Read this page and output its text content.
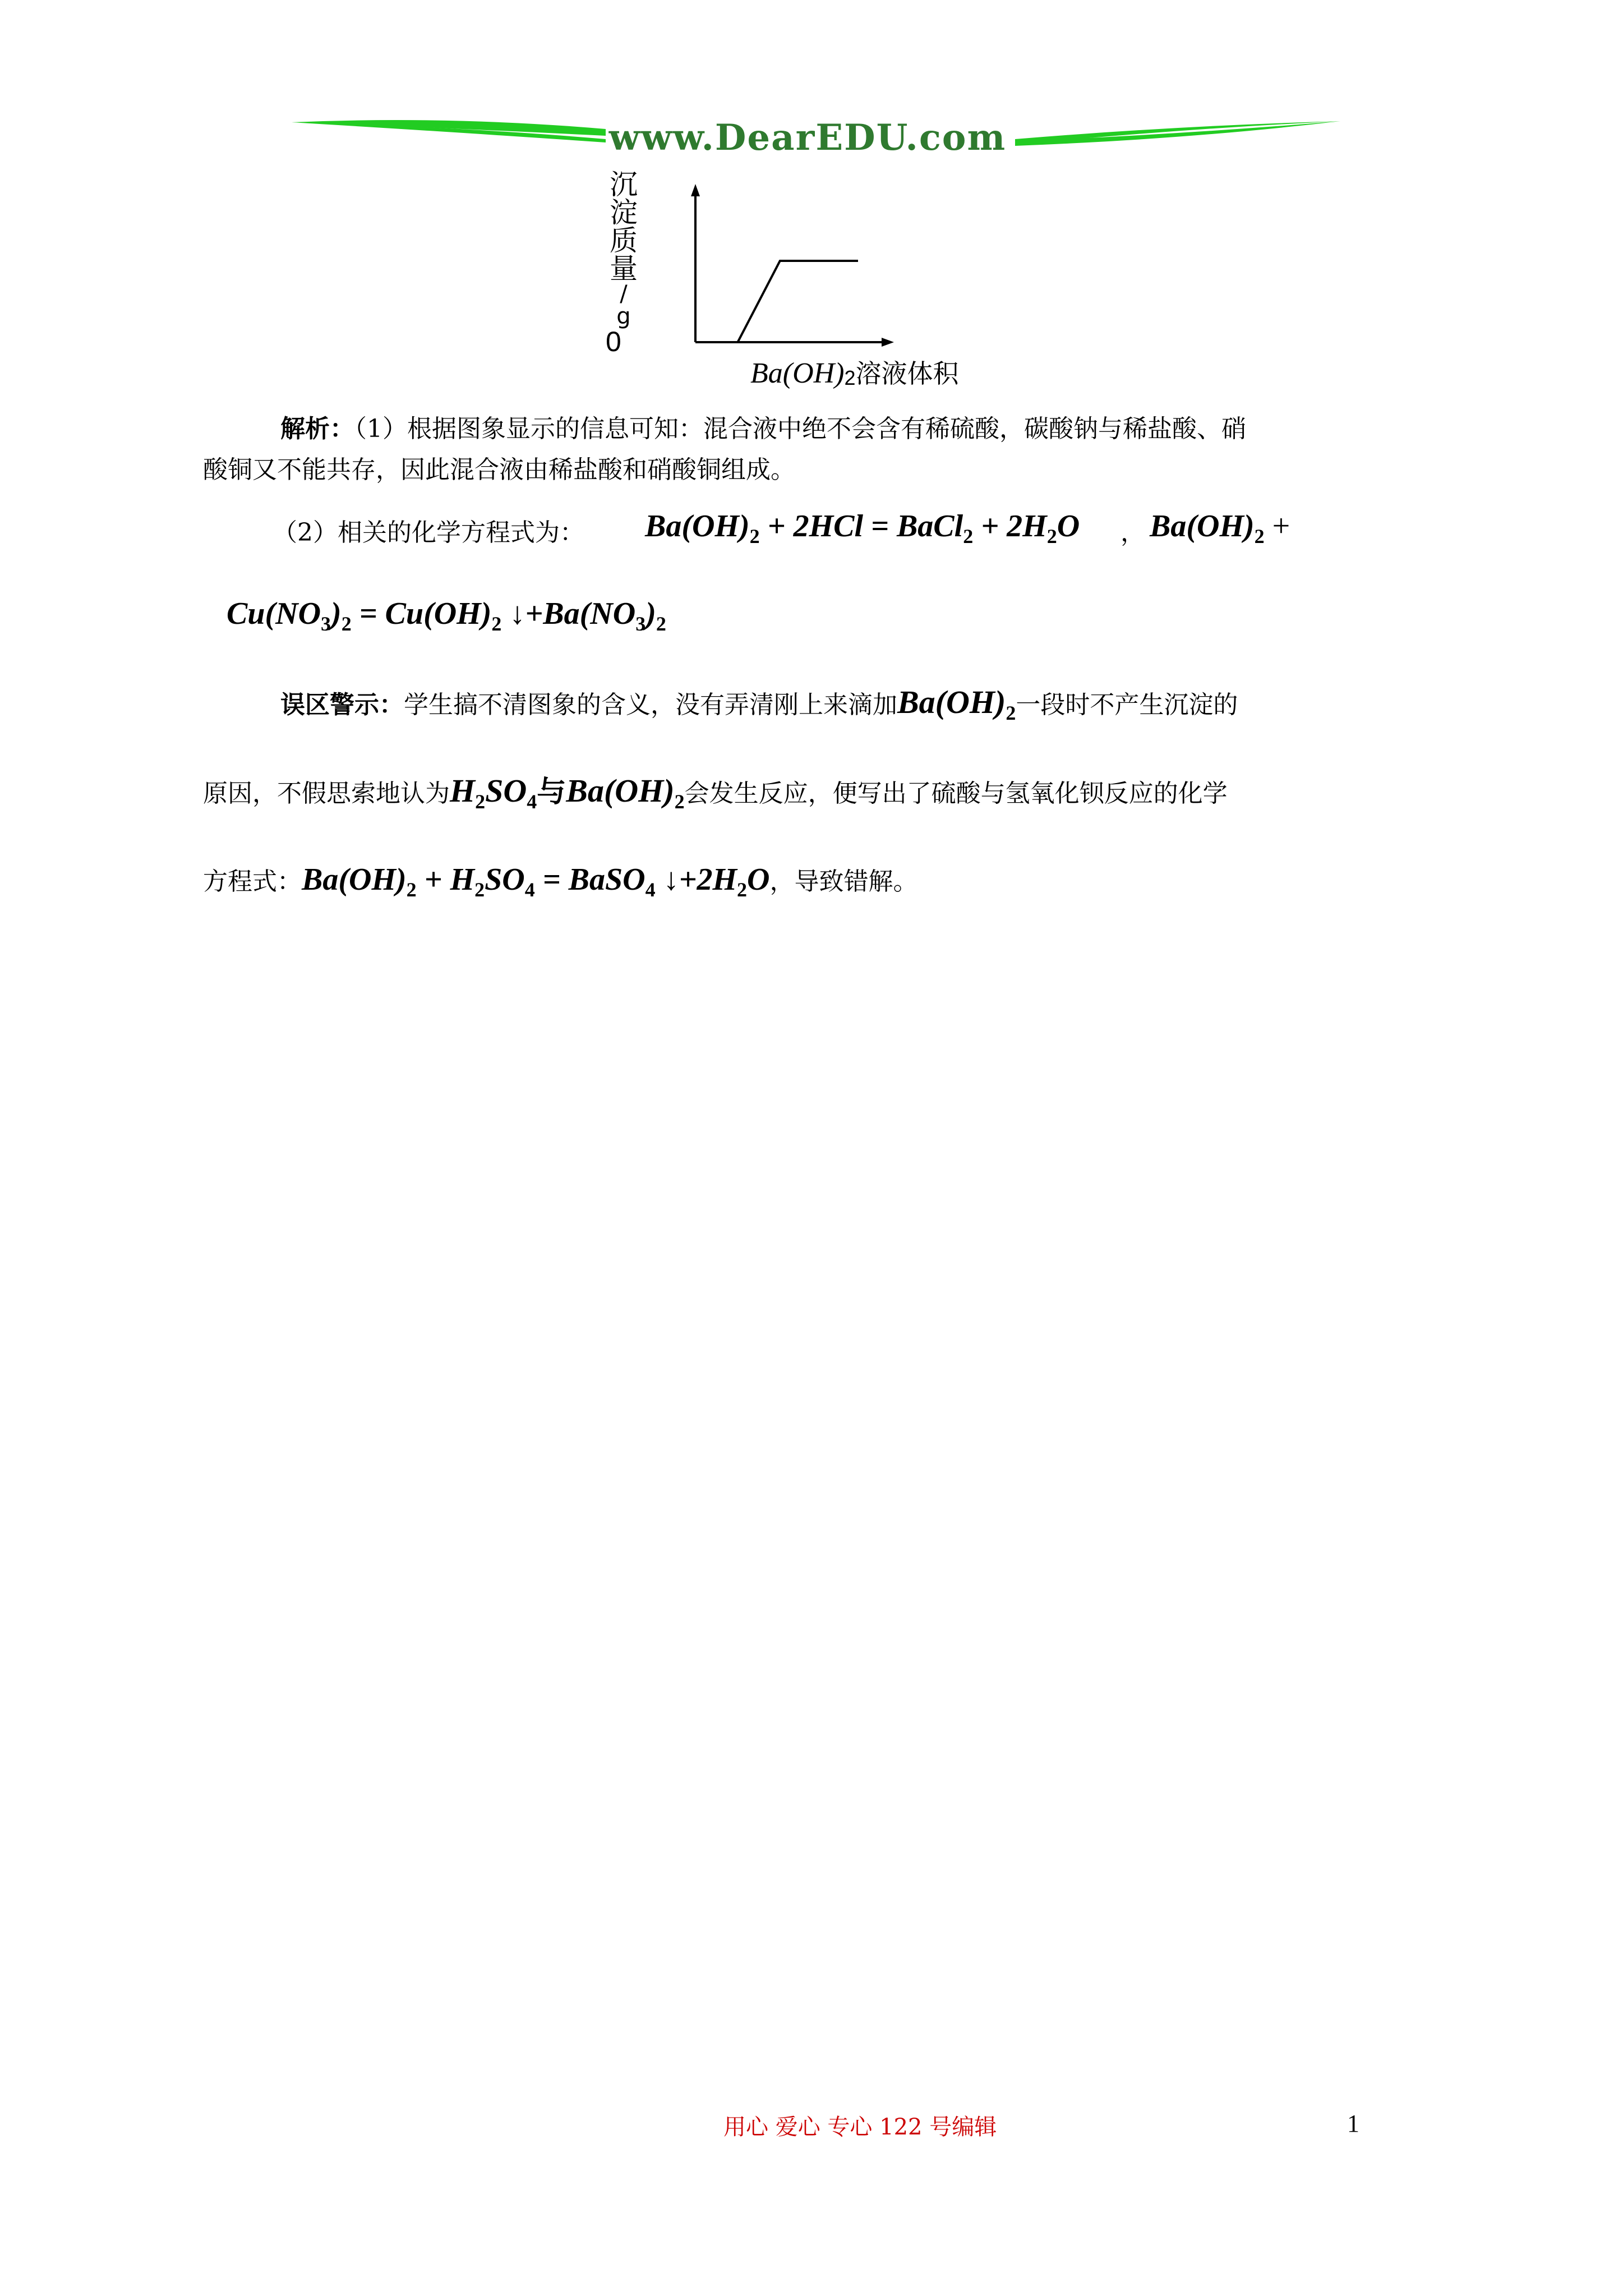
www.DearEDU.com
沉
淀
质
量
/
g
0
$Ba(OH)_2$溶液体积
解析：（1）根据图象显示的信息可知：混合液中绝不会含有稀硫酸，碳酸钠与稀盐酸、硝
酸铜又不能共存，因此混合液由稀盐酸和硝酸铜组成。
（2）相关的化学方程式为： $Ba(OH)_2 + 2HCl$ = BaCl$_2$ + $2H_2O$ ， $Ba(OH)_2$ +
$Cu(NO_3)_2 = Cu(OH)_2$ $↓+Ba(NO_3)_2$
误区警示：学生搞不清图象的含义，没有弄清刚上来滴加$Ba(OH)_2$一段时不产生沉淀的
原因，不假思索地认为$H_2SO_4$与$Ba(OH)_2$会发生反应，便写出了硫酸与氢氧化钡反应的化学
方程式：$Ba(OH)_2 + H_2SO_4$ = BaSO$_4$ $↓+2H_2O$，导致错解。
用心 爱心 专心 122 号编辑	1
